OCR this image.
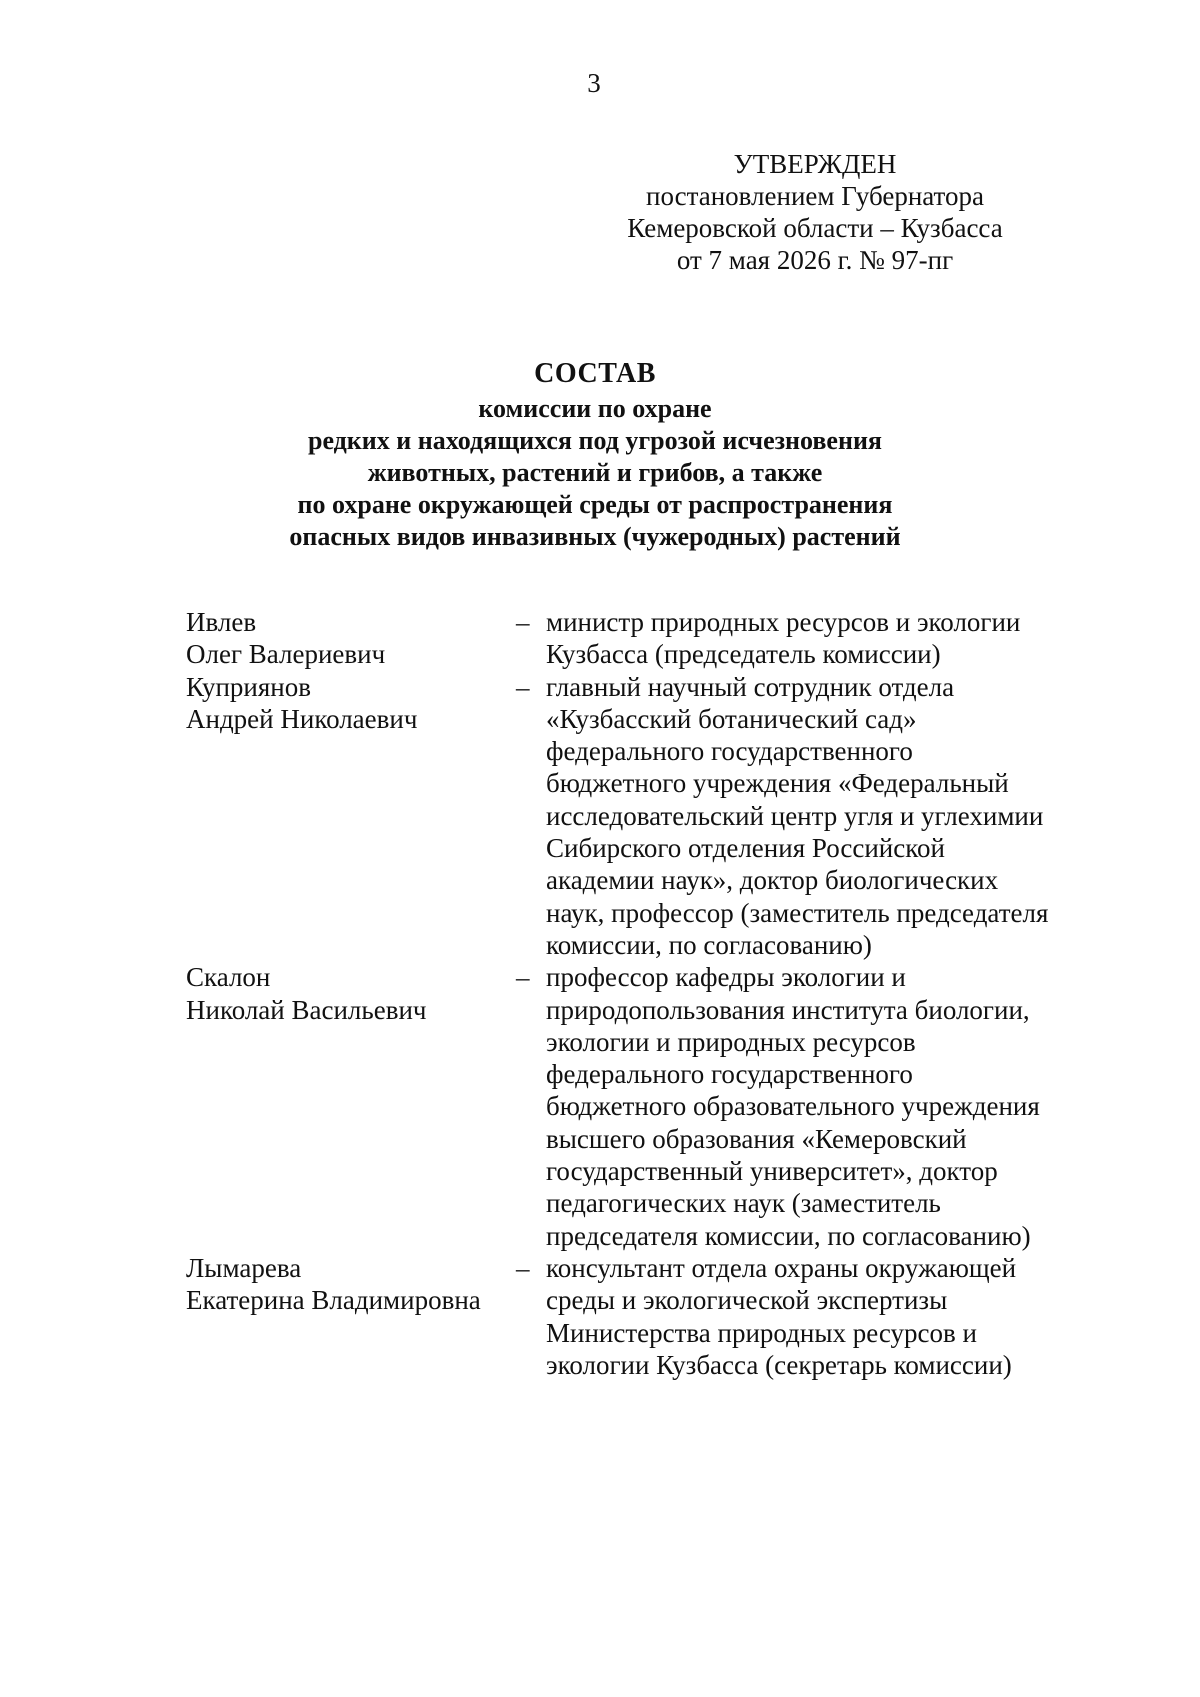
3
УТВЕРЖДЕН
постановлением Губернатора
Кемеровской области – Кузбасса
от 7 мая 2026 г. № 97-пг
СОСТАВ
комиссии по охране
редких и находящихся под угрозой исчезновения
животных, растений и грибов, а также
по охране окружающей среды от распространения
опасных видов инвазивных (чужеродных) растений
Ивлев
Олег Валериевич
– министр природных ресурсов и экологии
Кузбасса (председатель комиссии)
Куприянов
Андрей Николаевич
– главный научный сотрудник отдела
«Кузбасский ботанический сад»
федерального государственного
бюджетного учреждения «Федеральный
исследовательский центр угля и углехимии
Сибирского отделения Российской
академии наук», доктор биологических
наук, профессор (заместитель председателя
комиссии, по согласованию)
Скалон
Николай Васильевич
– профессор кафедры экологии и
природопользования института биологии,
экологии и природных ресурсов
федерального государственного
бюджетного образовательного учреждения
высшего образования «Кемеровский
государственный университет», доктор
педагогических наук (заместитель
председателя комиссии, по согласованию)
Лымарева
Екатерина Владимировна
– консультант отдела охраны окружающей
среды и экологической экспертизы
Министерства природных ресурсов и
экологии Кузбасса (секретарь комиссии)
